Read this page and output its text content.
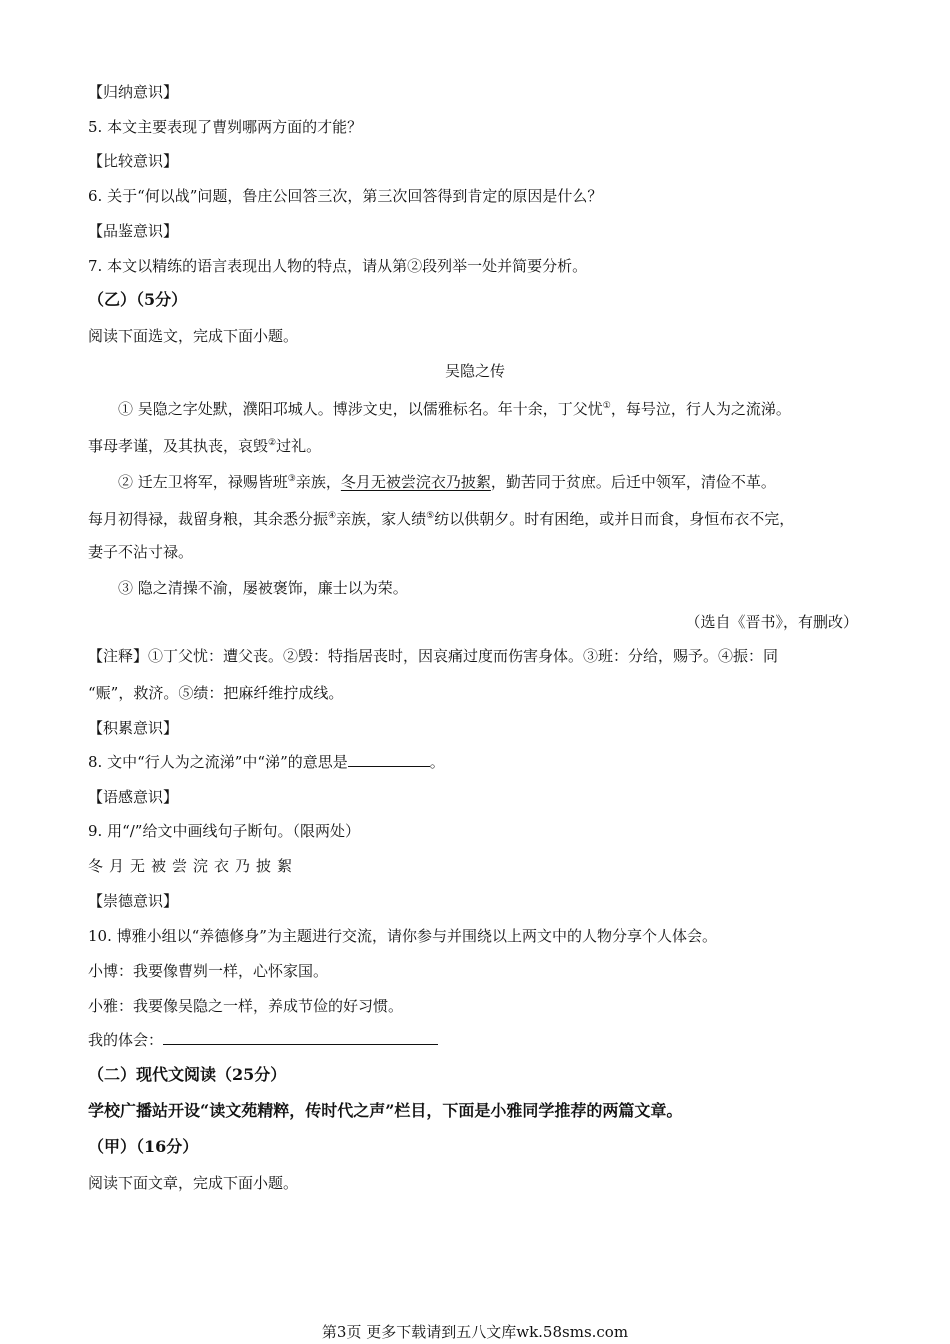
【归纳意识】
5. 本文主要表现了曹刿哪两方面的才能？
【比较意识】
6. 关于“何以战”问题，鲁庄公回答三次，第三次回答得到肯定的原因是什么？
【品鉴意识】
7. 本文以精练的语言表现出人物的特点，请从第②段列举一处并简要分析。
（乙）（5分）
阅读下面选文，完成下面小题。
吴隐之传
① 吴隐之字处默，濮阳邛城人。博涉文史，以儒雅标名。年十余，丁父忧①，每号泣，行人为之流涕。
事母孝谨，及其执丧，哀毁②过礼。
② 迁左卫将军，禄赐皆班③亲族，冬月无被尝浣衣乃披絮，勤苦同于贫庶。后迁中领军，清俭不革。
每月初得禄，裁留身粮，其余悉分振④亲族，家人绩⑤纺以供朝夕。时有困绝，或并日而食，身恒布衣不完，
妻子不沾寸禄。
③ 隐之清操不渝，屡被褒饰，廉士以为荣。
（选自《晋书》，有删改）
【注释】①丁父忧：遭父丧。②毁：特指居丧时，因哀痛过度而伤害身体。③班：分给，赐予。④振：同
“赈”，救济。⑤绩：把麻纤维拧成线。
【积累意识】
8. 文中“行人为之流涕”中“涕”的意思是	。
【语感意识】
9. 用“/”给文中画线句子断句。（限两处）
冬月无被尝浣衣乃披絮
【崇德意识】
10. 博雅小组以“养德修身”为主题进行交流，请你参与并围绕以上两文中的人物分享个人体会。
小博：我要像曹刿一样，心怀家国。
小雅：我要像吴隐之一样，养成节俭的好习惯。
我的体会：
（二）现代文阅读（25分）
学校广播站开设“读文苑精粹，传时代之声”栏目，下面是小雅同学推荐的两篇文章。
（甲）（16分）
阅读下面文章，完成下面小题。
第3页 更多下载请到五八文库wk.58sms.com
